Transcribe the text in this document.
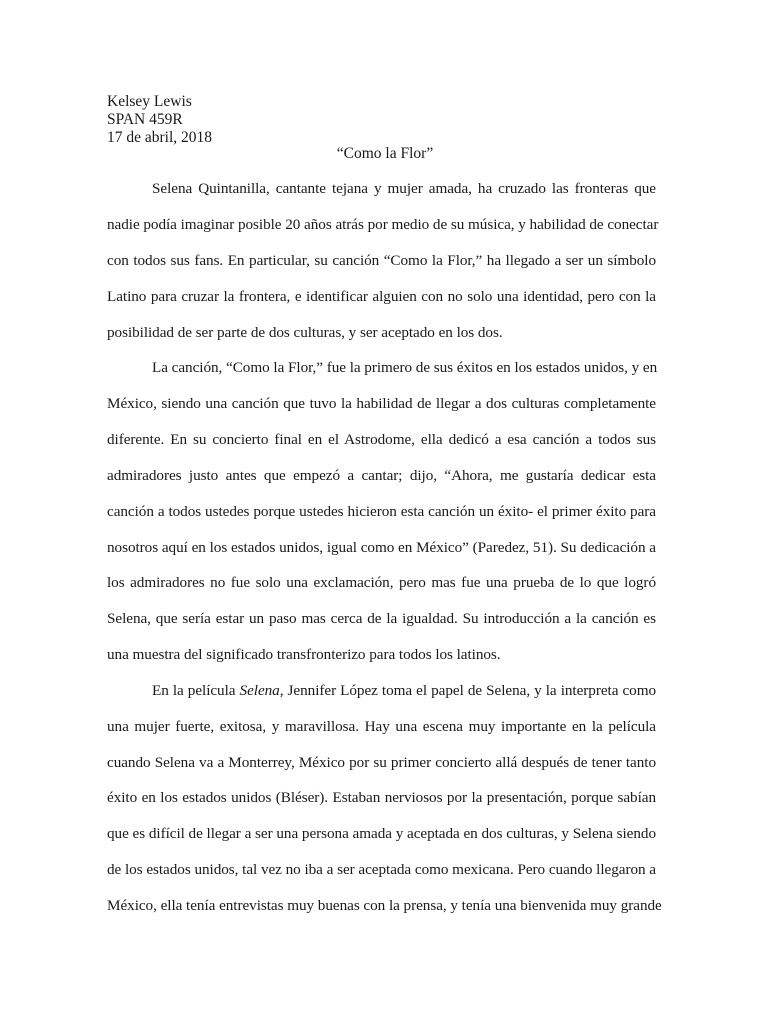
Kelsey Lewis
SPAN 459R
17 de abril, 2018
“Como la Flor”
Selena Quintanilla, cantante tejana y mujer amada, ha cruzado las fronteras que
nadie podía imaginar posible 20 años atrás por medio de su música, y habilidad de conectar
con todos sus fans. En particular, su canción “Como la Flor,” ha llegado a ser un símbolo
Latino para cruzar la frontera, e identificar alguien con no solo una identidad, pero con la
posibilidad de ser parte de dos culturas, y ser aceptado en los dos.
La canción, “Como la Flor,” fue la primero de sus éxitos en los estados unidos, y en
México, siendo una canción que tuvo la habilidad de llegar a dos culturas completamente
diferente. En su concierto final en el Astrodome, ella dedicó a esa canción a todos sus
admiradores justo antes que empezó a cantar; dijo, “Ahora, me gustaría dedicar esta
canción a todos ustedes porque ustedes hicieron esta canción un éxito- el primer éxito para
nosotros aquí en los estados unidos, igual como en México” (Paredez, 51). Su dedicación a
los admiradores no fue solo una exclamación, pero mas fue una prueba de lo que logró
Selena, que sería estar un paso mas cerca de la igualdad. Su introducción a la canción es
una muestra del significado transfronterizo para todos los latinos.
En la película Selena, Jennifer López toma el papel de Selena, y la interpreta como
una mujer fuerte, exitosa, y maravillosa. Hay una escena muy importante en la película
cuando Selena va a Monterrey, México por su primer concierto allá después de tener tanto
éxito en los estados unidos (Bléser). Estaban nerviosos por la presentación, porque sabían
que es difícil de llegar a ser una persona amada y aceptada en dos culturas, y Selena siendo
de los estados unidos, tal vez no iba a ser aceptada como mexicana. Pero cuando llegaron a
México, ella tenía entrevistas muy buenas con la prensa, y tenía una bienvenida muy grande
